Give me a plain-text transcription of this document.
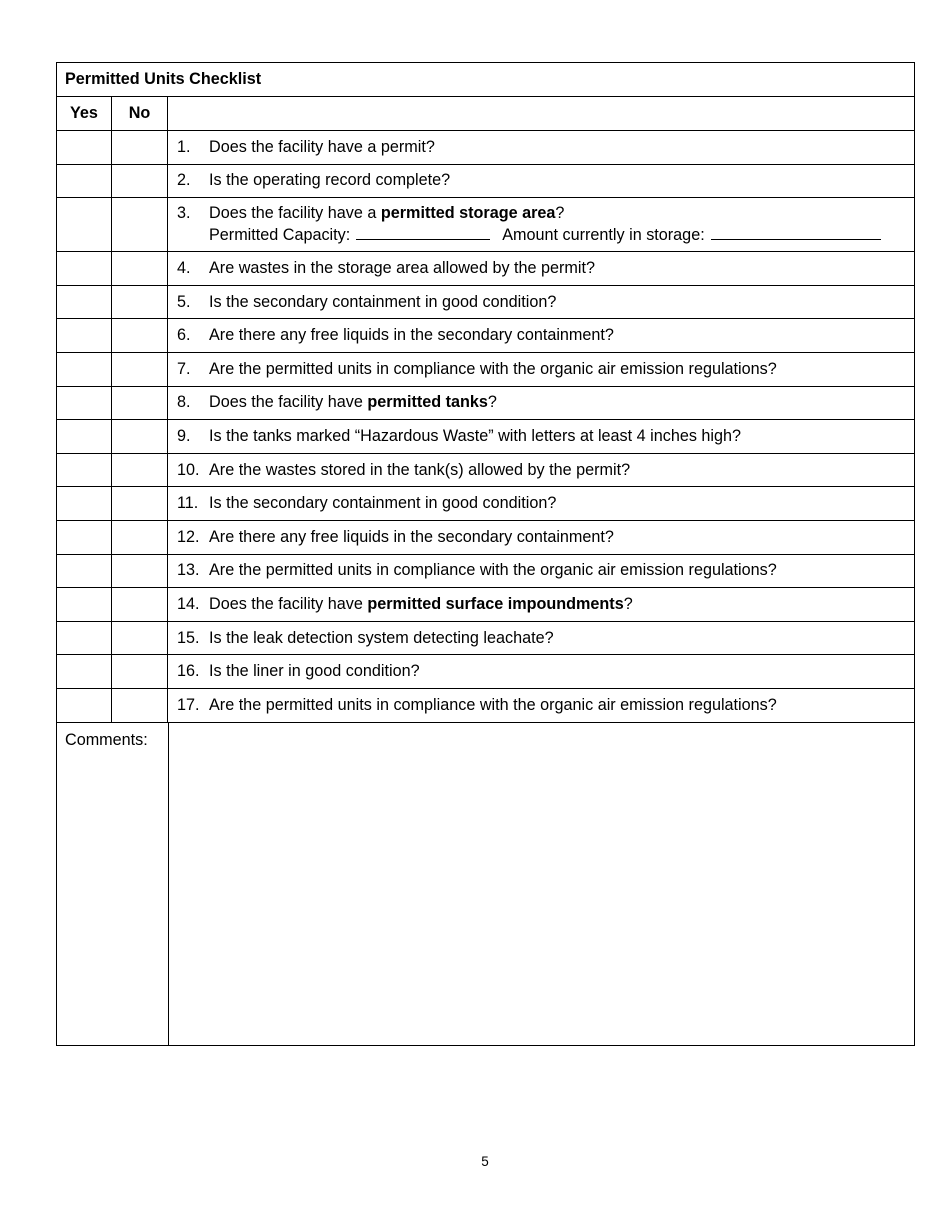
Permitted Units Checklist		
Yes	No	

		1. Does the facility have a permit?

		2. Is the operating record complete?

		3. Does the facility have a permitted storage area?
Permitted Capacity: Amount currently in storage:

		4. Are wastes in the storage area allowed by the permit?

		5. Is the secondary containment in good condition?

		6. Are there any free liquids in the secondary containment?

		7. Are the permitted units in compliance with the organic air emission regulations?

		8. Does the facility have permitted tanks?

		9. Is the tanks marked “Hazardous Waste” with letters at least 4 inches high?

		10. Are the wastes stored in the tank(s) allowed by the permit?

		11. Is the secondary containment in good condition?

		12. Are there any free liquids in the secondary containment?

		13. Are the permitted units in compliance with the organic air emission regulations?

		14. Does the facility have permitted surface impoundments?

		15. Is the leak detection system detecting leachate?

		16. Is the liner in good condition?

		17. Are the permitted units in compliance with the organic air emission regulations?

Comments:		
5
